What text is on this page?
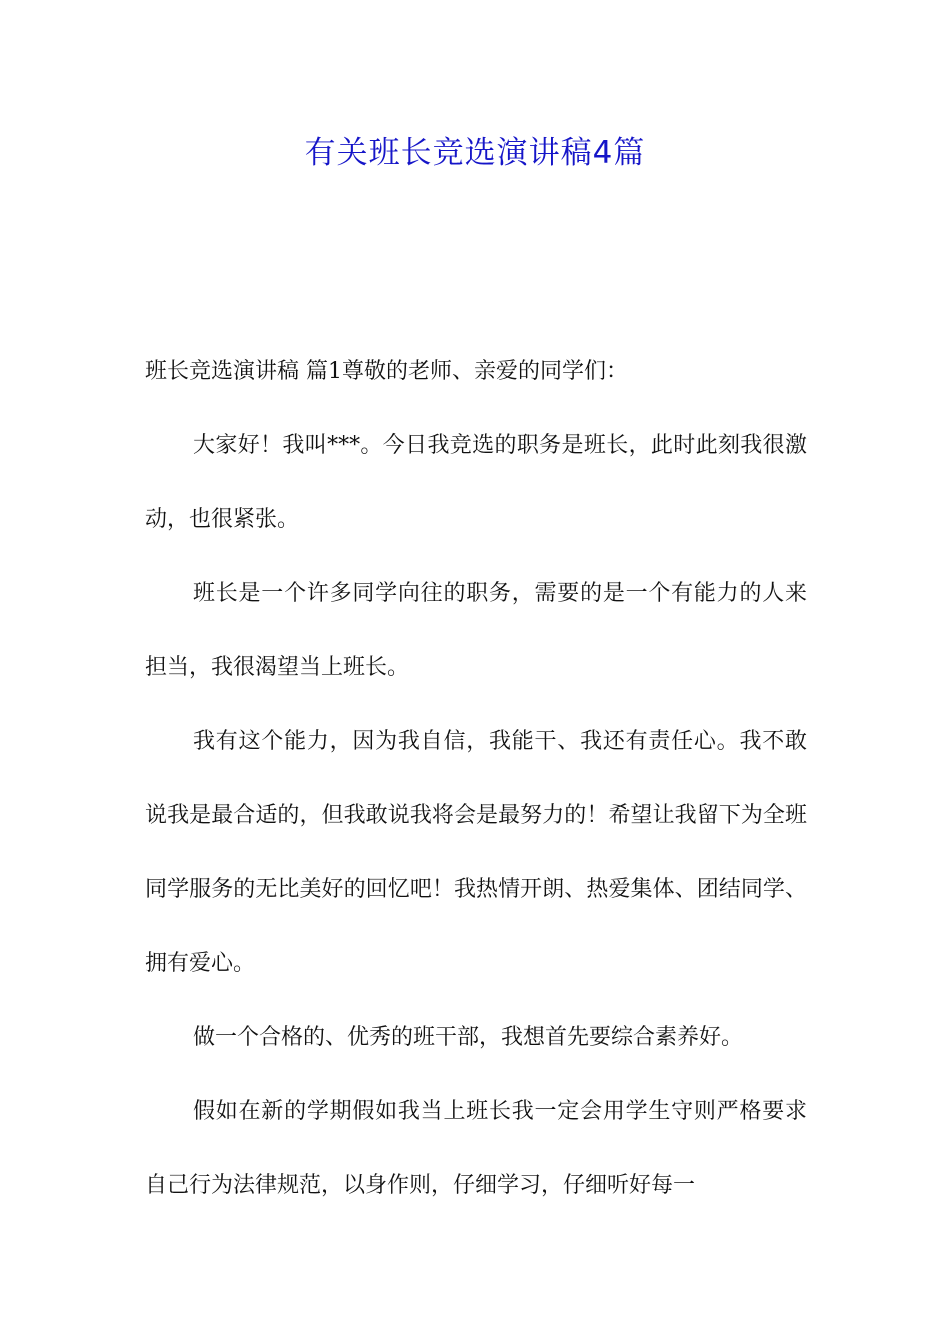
有关班长竞选演讲稿4篇

班长竞选演讲稿 篇1尊敬的老师、亲爱的同学们：

大家好！我叫***。今日我竞选的职务是班长，此时此刻我很激动，也很紧张。

班长是一个许多同学向往的职务，需要的是一个有能力的人来担当，我很渴望当上班长。

我有这个能力，因为我自信，我能干、我还有责任心。我不敢说我是最合适的，但我敢说我将会是最努力的！希望让我留下为全班同学服务的无比美好的回忆吧！我热情开朗、热爱集体、团结同学、拥有爱心。

做一个合格的、优秀的班干部，我想首先要综合素养好。

假如在新的学期假如我当上班长我一定会用学生守则严格要求自己行为法律规范，以身作则，仔细学习，仔细听好每一
